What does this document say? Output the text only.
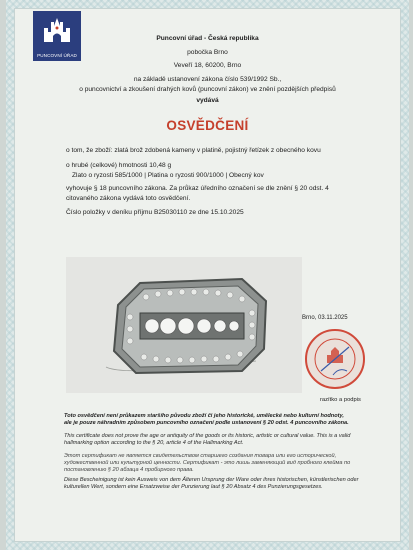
PUNCOVNÍ ÚŘAD
Puncovní úřad - Česká republika
pobočka Brno
Veveří 18, 60200, Brno
na základě ustanovení zákona číslo 539/1992 Sb.,
o puncovnictví a zkoušení drahých kovů (puncovní zákon) ve znění pozdějších předpisů
vydává
OSVĚDČENÍ
o tom, že zboží: zlatá brož zdobená kameny v platině, pojistný řetízek z obecného kovu
o hrubé (celkové) hmotnosti 10,48 g
Zlato o ryzosti 585/1000 | Platina o ryzosti 900/1000 | Obecný kov
vyhovuje § 18 puncovního zákona. Za průkaz úředního označení se dle znění § 20 odst. 4
citovaného zákona vydává toto osvědčení.
Číslo položky v deníku příjmu B25030110 ze dne 15.10.2025
Brno, 03.11.2025
razítko a podpis
Toto osvědčení není průkazem staršího původu zboží či jeho historické, umělecké nebo kulturní hodnoty,
ale je pouze náhradním způsobem puncovního označení podle ustanovení § 20 odst. 4 puncovního zákona.
This certificate does not prove the age or antiquity of the goods or its historic, artistic or cultural value. This is a valid hallmarking option according to the § 20, article 4 of the Hallmarking Act.
Этот сертификат не является свидетельством старшего создания товара или его исторической, художественной или культурной ценности. Сертификат - это лишь заменяющий вид пробного клейма по постановлению § 20 абзаца 4 пробирного права.
Diese Bescheinigung ist kein Ausweis von dem Älteren Ursprung der Ware oder ihres historischen, künstlerischen oder kulturellen Wert, sondern eine Ersatzweise der Punzierung laut § 20 Absatz 4 des Punzierungsgesetzes.
